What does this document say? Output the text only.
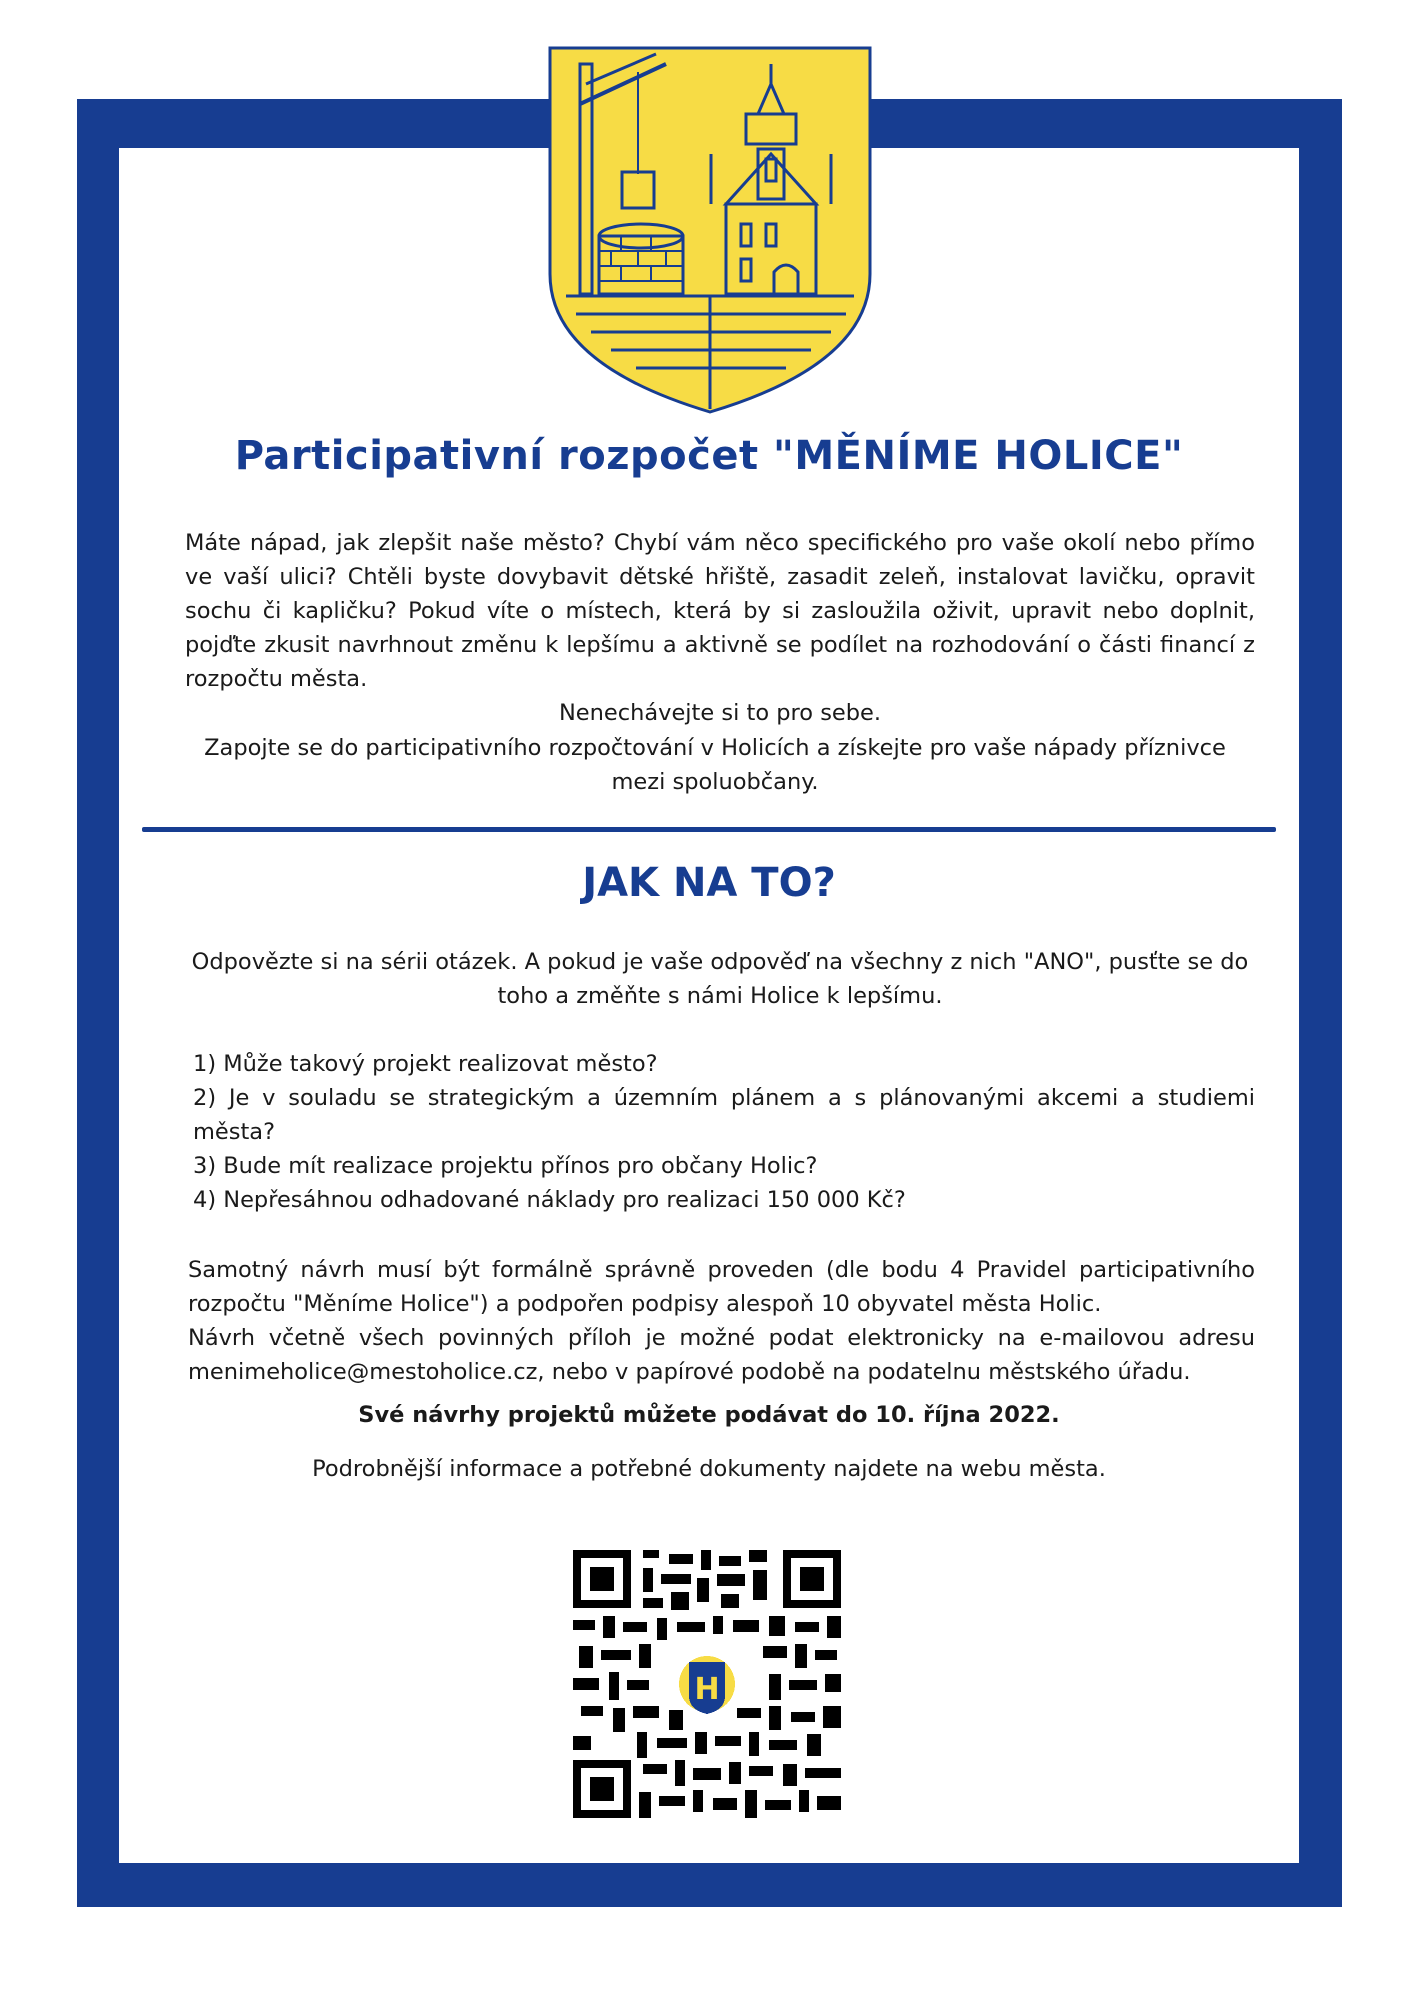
Participativní rozpočet "MĚNÍME HOLICE"

Máte nápad, jak zlepšit naše město? Chybí vám něco specifického pro vaše okolí nebo přímo ve vaší ulici? Chtěli byste dovybavit dětské hřiště, zasadit zeleň, instalovat lavičku, opravit sochu či kapličku? Pokud víte o místech, která by si zasloužila oživit, upravit nebo doplnit, pojďte zkusit navrhnout změnu k lepšímu a aktivně se podílet na rozhodování o části financí z rozpočtu města.

Nenechávejte si to pro sebe.
Zapojte se do participativního rozpočtování v Holicích a získejte pro vaše nápady příznivce mezi spoluobčany.
JAK NA TO?
Odpovězte si na sérii otázek. A pokud je vaše odpověď na všechny z nich "ANO", pusťte se do toho a změňte s námi Holice k lepšímu.
1) Může takový projekt realizovat město?
2) Je v souladu se strategickým a územním plánem a s plánovanými akcemi a studiemi města?
3) Bude mít realizace projektu přínos pro občany Holic?
4) Nepřesáhnou odhadované náklady pro realizaci 150 000 Kč?

Samotný návrh musí být formálně správně proveden (dle bodu 4 Pravidel participativního rozpočtu "Měníme Holice") a podpořen podpisy alespoň 10 obyvatel města Holic.

Návrh včetně všech povinných příloh je možné podat elektronicky na e-mailovou adresu menimeholice@mestoholice.cz, nebo v papírové podobě na podatelnu městského úřadu.

Své návrhy projektů můžete podávat do 10. října 2022.
Podrobnější informace a potřebné dokumenty najdete na webu města.
H
